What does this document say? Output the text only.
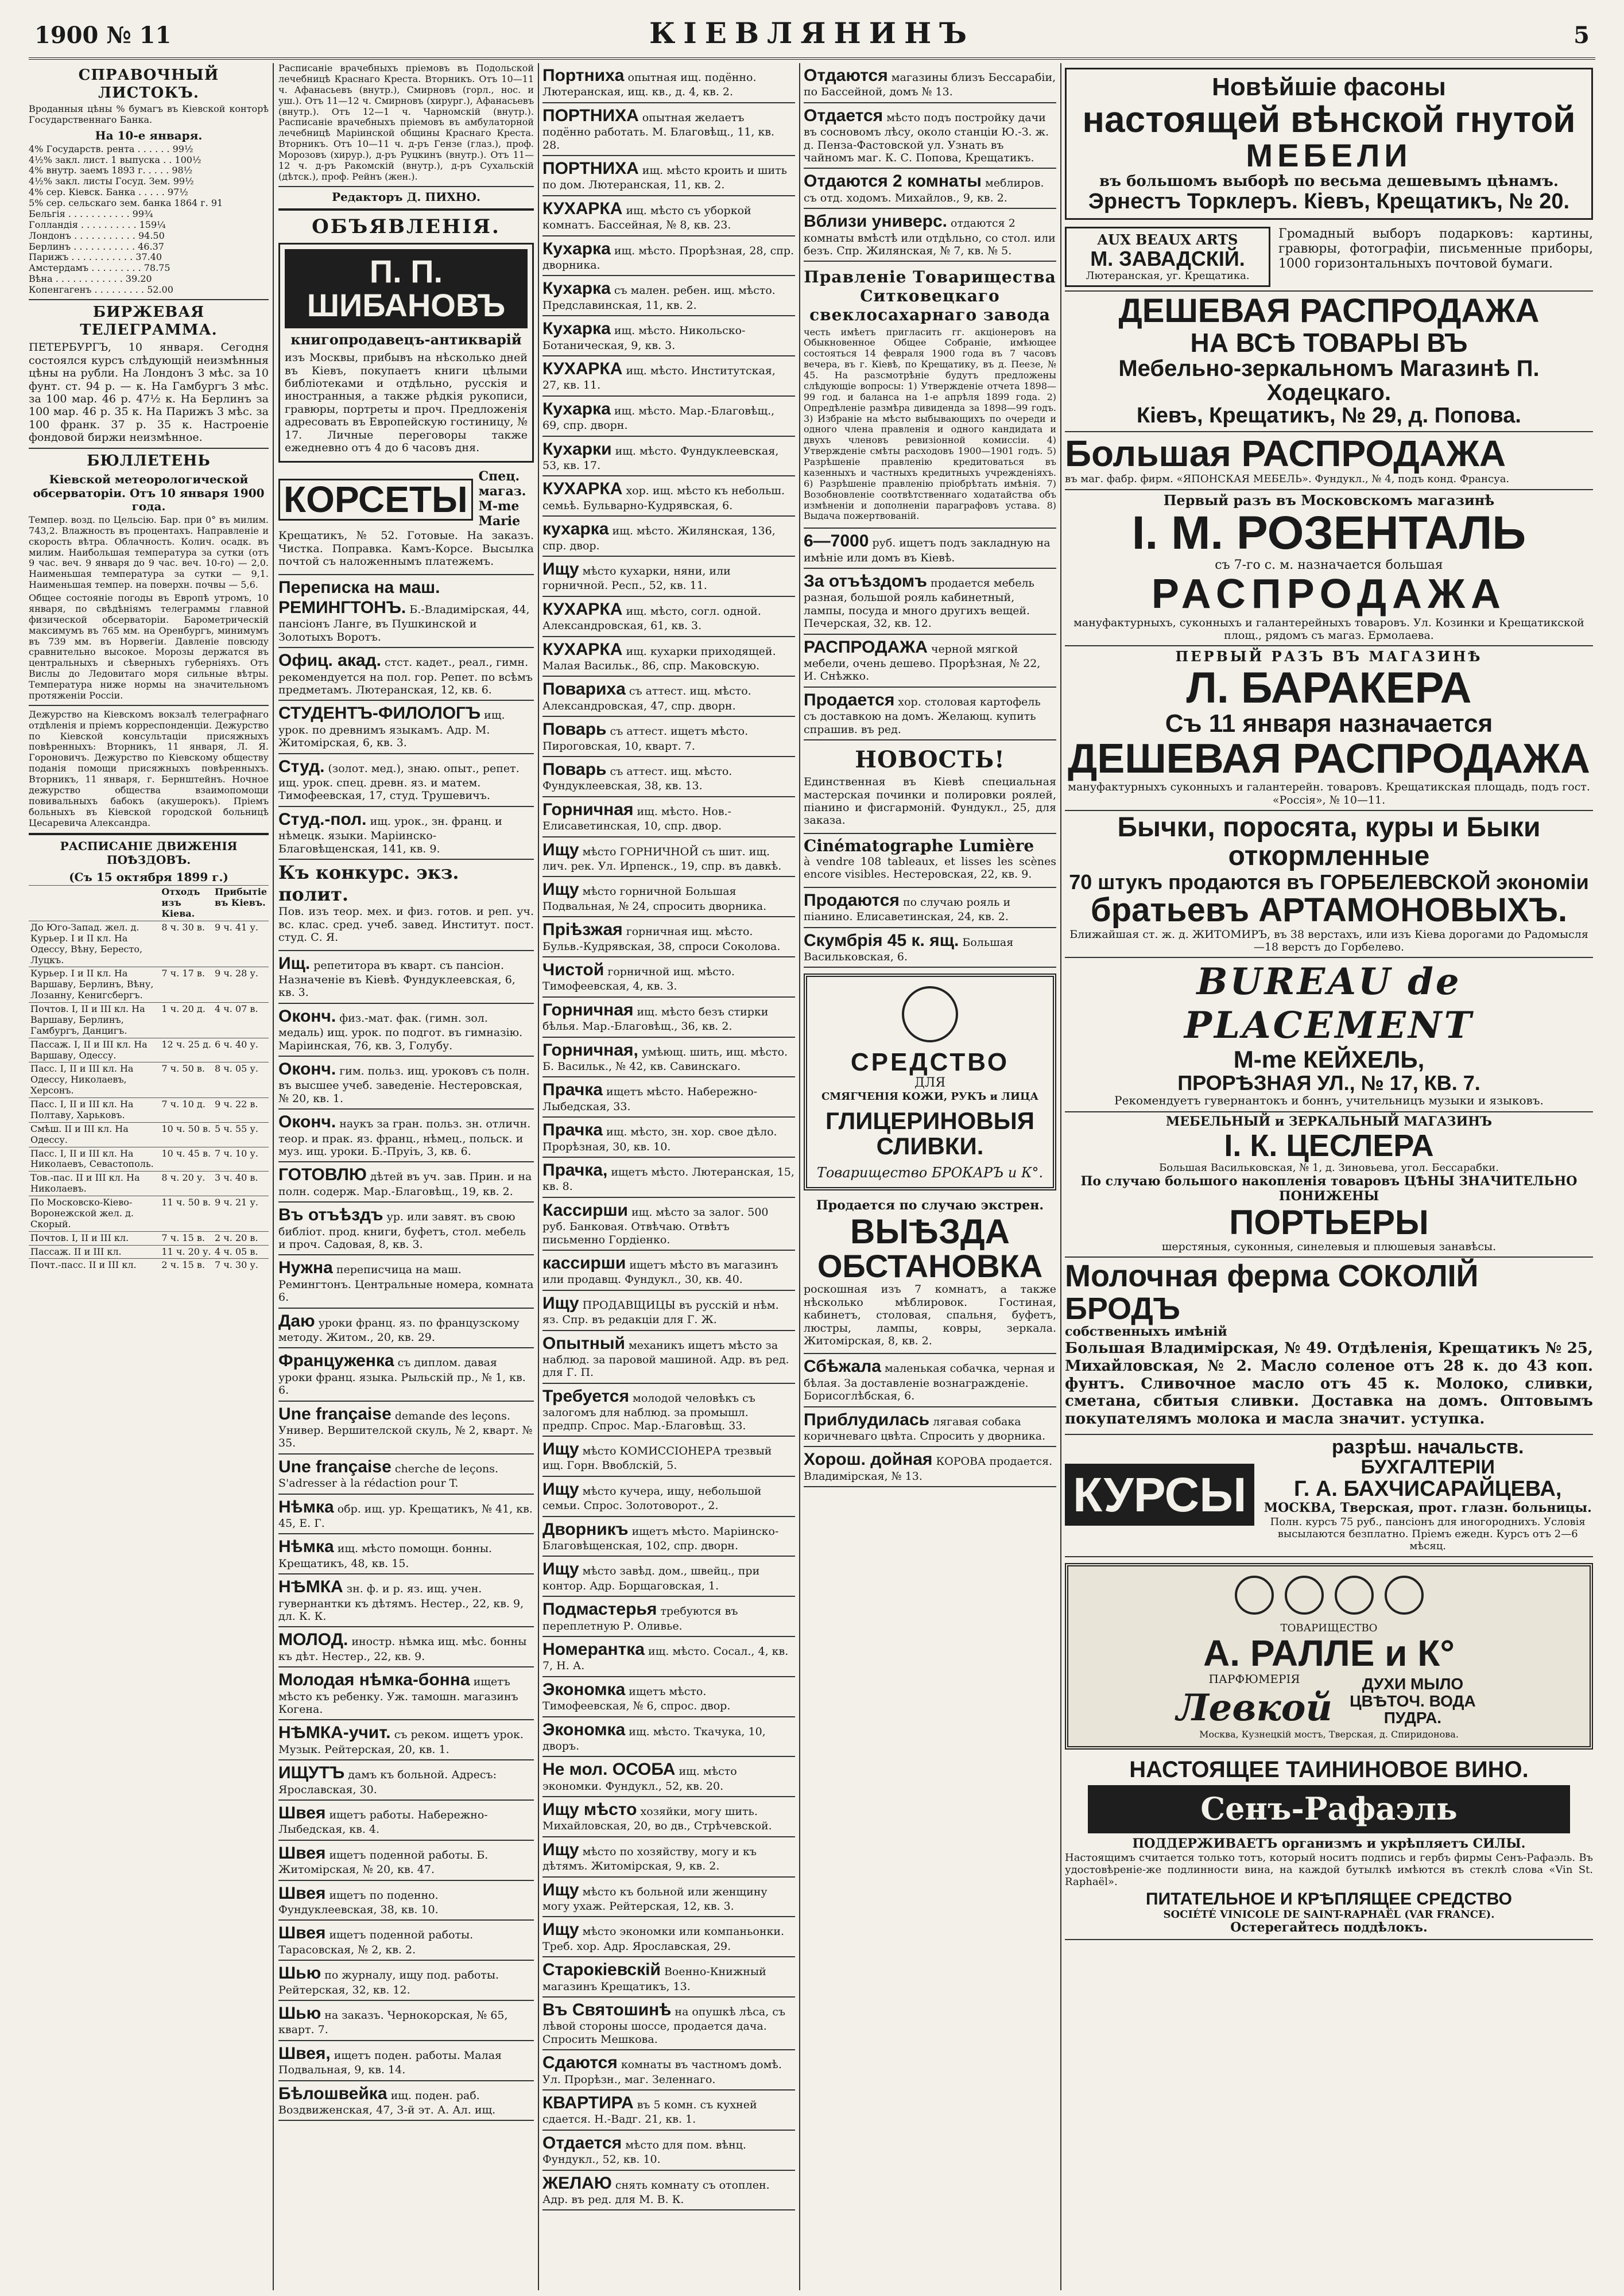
1900 № 11	КІЕВЛЯНИНЪ	5
СПРАВОЧНЫЙ ЛИСТОКЪ.

Вроданныя цѣны % бумагъ въ Кіевской конторѣ Государственнаго Банка.

На 10-е января.
4% Государств. рента . . . . . . 99½
4½% закл. лист. 1 выпуска . . 100½
4% внутр. заемъ 1893 г. . . . . 98½
4½% закл. листы Госуд. Зем. 99½
4% сер. Кіевск. Банка . . . . . 97½
5% сер. сельскаго зем. банка 1864 г. 91
Бельгія . . . . . . . . . . . 99¾
Голландія . . . . . . . . . . 159¼
Лондонъ . . . . . . . . . . . 94.50
Берлинъ . . . . . . . . . . . 46.37
Парижъ . . . . . . . . . . . 37.40
Амстердамъ . . . . . . . . . 78.75
Вѣна . . . . . . . . . . . . 39.20
Копенгагенъ . . . . . . . . . 52.00
БИРЖЕВАЯ ТЕЛЕГРАММА.

ПЕТЕРБУРГЪ, 10 января. Сегодня состоялся курсъ слѣдующій неизмѣнныя цѣны на рубли. На Лондонъ 3 мѣс. за 10 фунт. ст. 94 р. — к. На Гамбургъ 3 мѣс. за 100 мар. 46 р. 47½ к. На Берлинъ за 100 мар. 46 р. 35 к. На Парижъ 3 мѣс. за 100 франк. 37 р. 35 к. Настроеніе фондовой биржи неизмѣнное.

БЮЛЛЕТЕНЬ
Кіевской метеорологической обсерваторіи. Отъ 10 января 1900 года.

Темпер. возд. по Цельсію. Бар. при 0° въ милим. 743,2. Влажность въ процентахъ. Направленіе и скорость вѣтра. Облачность. Колич. осадк. въ милим. Наибольшая температура за сутки (отъ 9 час. веч. 9 января до 9 час. веч. 10-го) — 2,0. Наименьшая температура за сутки — 9,1. Наименьшая темпер. на поверхн. почвы — 5,6.

Общее состояніе погоды въ Европѣ утромъ, 10 января, по свѣдѣніямъ телеграммы главной физической обсерваторіи. Барометрическій максимумъ въ 765 мм. на Оренбургъ, минимумъ въ 739 мм. въ Норвегіи. Давленіе повсюду сравнительно высокое. Морозы держатся въ центральныхъ и сѣверныхъ губерніяхъ. Отъ Вислы до Ледовитаго моря сильные вѣтры. Температура ниже нормы на значительномъ протяженіи Россіи.

Дежурство на Кіевскомъ вокзалѣ телеграфнаго отдѣленія и пріемъ корреспонденціи. Дежурство по Кіевской консультаціи присяжныхъ повѣренныхъ: Вторникъ, 11 января, Л. Я. Гороновичъ. Дежурство по Кіевскому обществу поданія помощи присяжныхъ повѣренныхъ. Вторникъ, 11 января, г. Бернштейнъ. Ночное дежурство общества взаимопомощи повивальныхъ бабокъ (акушерокъ). Пріемъ больныхъ въ Кіевской городской больницѣ Цесаревича Александра.

РАСПИСАНІЕ ДВИЖЕНІЯ ПОѢЗДОВЪ.
(Съ 15 октября 1899 г.)
	Отходъ изъ Кіева.	Прибытіе въ Кіевъ.
До Юго-Запад. жел. д. Курьер. I и II кл. На Одессу, Вѣну, Бересто, Луцкъ.	8 ч. 30 в.	9 ч. 41 у.
Курьер. I и II кл. На Варшаву, Берлинъ, Вѣну, Лозанну, Кенигсбергъ.	7 ч. 17 в.	9 ч. 28 у.
Почтов. I, II и III кл. На Варшаву, Берлинъ, Гамбургъ, Данцигъ.	1 ч. 20 д.	4 ч. 07 в.
Пассаж. I, II и III кл. На Варшаву, Одессу.	12 ч. 25 д.	6 ч. 40 у.
Пасс. I, II и III кл. На Одессу, Николаевъ, Херсонъ.	7 ч. 50 в.	8 ч. 05 у.
Пасс. I, II и III кл. На Полтаву, Харьковъ.	7 ч. 10 д.	9 ч. 22 в.
Смѣш. II и III кл. На Одессу.	10 ч. 50 в.	5 ч. 55 у.
Пасс. I, II и III кл. На Николаевъ, Севастополь.	10 ч. 45 в.	7 ч. 10 у.
Тов.-пас. II и III кл. На Николаевъ.	8 ч. 20 у.	3 ч. 40 в.
По Московско-Кіево-Воронежской жел. д. Скорый.	11 ч. 50 в.	9 ч. 21 у.
Почтов. I, II и III кл.	7 ч. 15 в.	2 ч. 20 в.
Пассаж. II и III кл.	11 ч. 20 у.	4 ч. 05 в.
Почт.-пасс. II и III кл.	2 ч. 15 в.	7 ч. 30 у.

Расписаніе врачебныхъ пріемовъ въ Подольской лечебницѣ Краснаго Креста. Вторникъ. Отъ 10—11 ч. Афанасьевъ (внутр.), Смирновъ (горл., нос. и уш.). Отъ 11—12 ч. Смирновъ (хирург.), Афанасьевъ (внутр.). Отъ 12—1 ч. Чарномскій (внутр.). Расписаніе врачебныхъ пріемовъ въ амбулаторной лечебницѣ Маріинской общины Краснаго Креста. Вторникъ. Отъ 10—11 ч. д-ръ Гензе (глаз.), проф. Морозовъ (хирур.), д-ръ Руцкинъ (внутр.). Отъ 11—12 ч. д-ръ Ракомскій (внутр.), д-ръ Сухальскій (дѣтск.), проф. Рейнъ (жен.).

Редакторъ Д. ПИХНО.
ОБЪЯВЛЕНІЯ.
П. П. ШИБАНОВЪ
книгопродавецъ-антикварій

изъ Москвы, прибывъ на нѣсколько дней въ Кіевъ, покупаетъ книги цѣлыми библіотеками и отдѣльно, русскія и иностранныя, а также рѣдкія рукописи, гравюры, портреты и проч. Предложенія адресовать въ Европейскую гостиницу, № 17. Личные переговоры также ежедневно отъ 4 до 6 часовъ дня.

КОРСЕТЫ
Спец. магаз. M-me Marie

Крещатикъ, № 52. Готовые. На заказъ. Чистка. Поправка. Камъ-Корсе. Высылка почтой съ наложеннымъ платежемъ.

Переписка на маш. РЕМИНГТОНЪ. Б.-Владимірская, 44, пансіонъ Ланге, въ Пушкинской и Золотыхъ Воротъ.
Офиц. акад. стст. кадет., реал., гимн. рекомендуется на пол. гор. Репет. по всѣмъ предметамъ. Лютеранская, 12, кв. 6.
СТУДЕНТЪ-ФИЛОЛОГЪ ищ. урок. по древнимъ языкамъ. Адр. М. Житомірская, 6, кв. 3.
Студ. (золот. мед.), знаю. опыт., репет. ищ. урок. спец. древн. яз. и матем. Тимофеевская, 17, студ. Трушевичъ.
Студ.-пол. ищ. урок., зн. франц. и нѣмецк. языки. Маріинско-Благовѣщенская, 141, кв. 9.
Къ конкурс. экз. полит.

Пов. изъ теор. мех. и физ. готов. и реп. уч. вс. клас. сред. учеб. завед. Институт. пост. студ. С. Я.

Ищ. репетитора въ кварт. съ пансіон. Назначеніе въ Кіевѣ. Фундуклеевская, 6, кв. 3.
Оконч. физ.-мат. фак. (гимн. зол. медаль) ищ. урок. по подгот. въ гимназію. Маріинская, 76, кв. 3, Голубу.
Оконч. гим. польз. ищ. уроковъ съ полн. въ высшее учеб. заведеніе. Нестеровская, № 20, кв. 1.
Оконч. наукъ за гран. польз. зн. отличн. теор. и прак. яз. франц., нѣмец., польск. и муз. ищ. уроки. Б.-Пруіъ, 3, кв. 6.
ГОТОВЛЮ дѣтей въ уч. зав. Прин. и на полн. содерж. Мар.-Благовѣщ., 19, кв. 2.
Въ отъѣздъ ур. или завят. въ свою библіот. прод. книги, буфетъ, стол. мебель и проч. Садовая, 8, кв. 3.
Нужна переписчица на маш. Ремингтонъ. Центральные номера, комната 6.
Даю уроки франц. яз. по французскому методу. Житом., 20, кв. 29.
Француженка съ диплом. давая уроки франц. языка. Рыльскій пр., № 1, кв. 6.
Une française demande des leçons. Универ. Вершителской скуль, № 2, кварт. № 35.
Une française cherche de leçons. S'adresser à la rédaction pour T.
Нѣмка обр. ищ. ур. Крещатикъ, № 41, кв. 45, Е. Г.
Нѣмка ищ. мѣсто помощн. бонны. Крещатикъ, 48, кв. 15.
НѢМКА зн. ф. и р. яз. ищ. учен. гувернантки къ дѣтямъ. Нестер., 22, кв. 9, дл. К. К.
МОЛОД. иностр. нѣмка ищ. мѣс. бонны къ дѣт. Нестер., 22, кв. 9.
Молодая нѣмка-бонна ищетъ мѣсто къ ребенку. Уж. тамошн. магазинъ Когена.
НѢМКА-учит. съ реком. ищетъ урок. Музык. Рейтерская, 20, кв. 1.
ИЩУТЪ дамъ къ больной. Адресъ: Ярославская, 30.
Швея ищетъ работы. Набережно-Лыбедская, кв. 4.
Швея ищетъ поденной работы. Б. Житомірская, № 20, кв. 47.
Швея ищетъ по поденно. Фундуклеевская, 38, кв. 10.
Швея ищетъ поденной работы. Тарасовская, № 2, кв. 2.
Шью по журналу, ищу под. работы. Рейтерская, 32, кв. 12.
Шью на заказъ. Чернокорская, № 65, кварт. 7.
Швея, ищетъ поден. работы. Малая Подвальная, 9, кв. 14.
Бѣлошвейка ищ. поден. раб. Воздвиженская, 47, 3-й эт. А. Ал. ищ.
Портниха опытная ищ. подённо. Лютеранская, ищ. кв., д. 4, кв. 2.
ПОРТНИХА опытная желаетъ подённо работать. М. Благовѣщ., 11, кв. 28.
ПОРТНИХА ищ. мѣсто кроить и шить по дом. Лютеранская, 11, кв. 2.
КУХАРКА ищ. мѣсто съ уборкой комнатъ. Бассейная, № 8, кв. 23.
Кухарка ищ. мѣсто. Прорѣзная, 28, спр. дворника.
Кухарка съ мален. ребен. ищ. мѣсто. Предславинская, 11, кв. 2.
Кухарка ищ. мѣсто. Никольско-Ботаническая, 9, кв. 3.
КУХАРКА ищ. мѣсто. Институтская, 27, кв. 11.
Кухарка ищ. мѣсто. Мар.-Благовѣщ., 69, спр. дворн.
Кухарки ищ. мѣсто. Фундуклеевская, 53, кв. 17.
КУХАРКА хор. ищ. мѣсто къ небольш. семьѣ. Бульварно-Кудрявская, 6.
кухарка ищ. мѣсто. Жилянская, 136, спр. двор.
Ищу мѣсто кухарки, няни, или горничной. Респ., 52, кв. 11.
КУХАРКА ищ. мѣсто, согл. одной. Александровская, 61, кв. 3.
КУХАРКА ищ. кухарки приходящей. Малая Васильк., 86, спр. Маковскую.
Повариха съ аттест. ищ. мѣсто. Александровская, 47, спр. дворн.
Поварь съ аттест. ищетъ мѣсто. Пироговская, 10, кварт. 7.
Поварь съ аттест. ищ. мѣсто. Фундуклеевская, 38, кв. 13.
Горничная ищ. мѣсто. Нов.-Елисаветинская, 10, спр. двор.
Ищу мѣсто ГОРНИЧНОЙ съ шит. ищ. лич. рек. Ул. Ирпенск., 19, спр. въ давкѣ.
Ищу мѣсто горничной Большая Подвальная, № 24, спросить дворника.
Пріѣзжая горничная ищ. мѣсто. Бульв.-Кудрявская, 38, спроси Соколова.
Чистой горничной ищ. мѣсто. Тимофеевская, 4, кв. 3.
Горничная ищ. мѣсто безъ стирки бѣлья. Мар.-Благовѣщ., 36, кв. 2.
Горничная, умѣющ. шить, ищ. мѣсто. Б. Васильк., № 42, кв. Савинскаго.
Прачка ищетъ мѣсто. Набережно-Лыбедская, 33.
Прачка ищ. мѣсто, зн. хор. свое дѣло. Прорѣзная, 30, кв. 10.
Прачка, ищетъ мѣсто. Лютеранская, 15, кв. 8.
Кассирши ищ. мѣсто за залог. 500 руб. Банковая. Отвѣчаю. Отвѣтъ письменно Гордіенко.
кассирши ищетъ мѣсто въ магазинъ или продавщ. Фундукл., 30, кв. 40.
Ищу ПРОДАВЩИЦЫ въ русскій и нѣм. яз. Спр. въ редакціи для Г. Ж.
Опытный механикъ ищетъ мѣсто за наблюд. за паровой машиной. Адр. въ ред. для Г. П.
Требуется молодой человѣкъ съ залогомъ для наблюд. за промышл. предпр. Спрос. Мар.-Благовѣщ. 33.
Ищу мѣсто КОМИССІОНЕРА трезвый ищ. Горн. Ввоблскій, 5.
Ищу мѣсто кучера, ищу, небольшой семьи. Спрос. Золотоворот., 2.
Дворникъ ищетъ мѣсто. Маріинско-Благовѣщенская, 102, спр. дворн.
Ищу мѣсто завѣд. дом., швейц., при контор. Адр. Борщаговская, 1.
Подмастерья требуются въ переплетную Р. Оливье.
Номерантка ищ. мѣсто. Сосал., 4, кв. 7, Н. А.
Экономка ищетъ мѣсто. Тимофеевская, № 6, спрос. двор.
Экономка ищ. мѣсто. Ткачука, 10, дворъ.
Не мол. ОСОБА ищ. мѣсто экономки. Фундукл., 52, кв. 20.
Ищу мѣсто хозяйки, могу шить. Михайловская, 20, во дв., Стрѣчевской.
Ищу мѣсто по хозяйству, могу и къ дѣтямъ. Житомірская, 9, кв. 2.
Ищу мѣсто къ больной или женщину могу ухаж. Рейтерская, 12, кв. 3.
Ищу мѣсто экономки или компаньонки. Треб. хор. Адр. Ярославская, 29.
Старокіевскій Военно-Книжный магазинъ Крещатикъ, 13.
Въ Святошинѣ на опушкѣ лѣса, съ лѣвой стороны шоссе, продается дача. Спросить Мешкова.
Сдаются комнаты въ частномъ домѣ. Ул. Прорѣзн., маг. Зеленнаго.
КВАРТИРА въ 5 комн. съ кухней сдается. Н.-Вадг. 21, кв. 1.
Отдается мѣсто для пом. вѣнц. Фундукл., 52, кв. 10.
ЖЕЛАЮ снять комнату съ отоплен. Адр. въ ред. для М. В. К.
Отдаются магазины близъ Бессарабіи, по Бассейной, домъ № 13.
Отдается мѣсто подъ постройку дачи въ сосновомъ лѣсу, около станціи Ю.-З. ж. д. Пенза-Фастовской ул. Узнать въ чайномъ маг. К. С. Попова, Крещатикъ.
Отдаются 2 комнаты меблиров. съ отд. ходомъ. Михайлов., 9, кв. 2.
Вблизи универс. отдаются 2 комнаты вмѣстѣ или отдѣльно, со стол. или безъ. Спр. Жилянская, № 7, кв. № 5.
Правленіе Товарищества Ситковецкаго свеклосахарнаго завода

честь имѣетъ пригласить гг. акціонеровъ на Обыкновенное Общее Собраніе, имѣющее состояться 14 февраля 1900 года въ 7 часовъ вечера, въ г. Кіевѣ, по Крещатику, въ д. Пеезе, № 45. На разсмотрѣніе будутъ предложены слѣдующіе вопросы: 1) Утвержденіе отчета 1898—99 год. и баланса на 1-е апрѣля 1899 года. 2) Опредѣленіе размѣра дивиденда за 1898—99 годъ. 3) Избраніе на мѣсто выбывающихъ по очереди и одного члена правленія и одного кандидата и двухъ членовъ ревизіонной комиссіи. 4) Утвержденіе смѣты расходовъ 1900—1901 годъ. 5) Разрѣшеніе правленію кредитоваться въ казенныхъ и частныхъ кредитныхъ учрежденіяхъ. 6) Разрѣшеніе правленію пріобрѣтать имѣнія. 7) Возобновленіе соотвѣтственнаго ходатайства объ измѣненіи и дополненіи параграфовъ устава. 8) Выдача пожертвованій.

6—7000 руб. ищетъ подъ закладную на имѣніе или домъ въ Кіевѣ.
За отъѣздомъ продается мебель разная, большой рояль кабинетный, лампы, посуда и много другихъ вещей. Печерская, 32, кв. 12.
РАСПРОДАЖА черной мягкой мебели, очень дешево. Прорѣзная, № 22, И. Снѣжко.
Продается хор. столовая картофель съ доставкою на домъ. Желающ. купить спрашив. въ ред.
НОВОСТЬ!

Единственная въ Кіевѣ специальная мастерская починки и полировки роялей, пiанино и фисгармоній. Фундукл., 25, для заказа.

Cinématographe Lumière

à vendre 108 tableaux, et lisses les scènes encore visibles. Нестеровская, 22, кв. 9.

Продаются по случаю рояль и пiанино. Елисаветинская, 24, кв. 2.
Скумбрія 45 к. ящ. Большая Васильковская, 6.
СРЕДСТВО
ДЛЯ
СМЯГЧЕНІЯ КОЖИ, РУКЪ и ЛИЦА
ГЛИЦЕРИНОВЫЯ СЛИВКИ.
Товарищество БРОКАРЪ и К°.
Продается по случаю экстрен.
ВЫѢЗДА
ОБСТАНОВКА

роскошная изъ 7 комнатъ, а также нѣсколько мѣблировок. Гостиная, кабинетъ, столовая, спальня, буфетъ, люстры, лампы, ковры, зеркала. Житомірская, 8, кв. 2.

Сбѣжала маленькая собачка, черная и бѣлая. За доставленіе вознагражденіе. Борисоглѣбская, 6.
Приблудилась лягавая собака коричневаго цвѣта. Спросить у дворника.
Хорош. дойная КОРОВА продается. Владимірская, № 13.
Новѣйшіе фасоны
настоящей вѣнской гнутой
МЕБЕЛИ
въ большомъ выборѣ по весьма дешевымъ цѣнамъ.
Эрнестъ Торклеръ. Кіевъ, Крещатикъ, № 20.
AUX BEAUX ARTS
М. ЗАВАДСКІЙ.
Лютеранская, уг. Крещатика.

Громадный выборъ подарковъ: картины, гравюры, фотографіи, письменные приборы, 1000 горизонтальныхъ почтовой бумаги.

ДЕШЕВАЯ РАСПРОДАЖА
НА ВСѢ ТОВАРЫ ВЪ
Мебельно-зеркальномъ Магазинѣ П. Ходецкаго.
Кіевъ, Крещатикъ, № 29, д. Попова.
Большая РАСПРОДАЖА
въ маг. фабр. фирм. «ЯПОНСКАЯ МЕБЕЛЬ». Фундукл., № 4, подъ конд. Франсуа.
Первый разъ въ Московскомъ магазинѣ
I. М. РОЗЕНТАЛЬ
съ 7-го с. м. назначается большая
РАСПРОДАЖА
мануфактурныхъ, суконныхъ и галантерейныхъ товаровъ. Ул. Козинки и Крещатикской площ., рядомъ съ магаз. Ермолаева.
ПЕРВЫЙ РАЗЪ ВЪ МАГАЗИНѢ
Л. БАРАКЕРА
Съ 11 января назначается
ДЕШЕВАЯ РАСПРОДАЖА
мануфактурныхъ суконныхъ и галантерейн. товаровъ. Крещатикская площадь, подъ гост. «Россія», № 10—11.
Бычки, поросята, куры и Быки откормленные
70 штукъ продаются въ ГОРБЕЛЕВСКОЙ экономіи
братьевъ АРТАМОНОВЫХЪ.
Ближайшая ст. ж. д. ЖИТОМИРЪ, въ 38 верстахъ, или изъ Кіева дорогами до Радомысля—18 верстъ до Горбелево.
BUREAU de PLACEMENT
M-me КЕЙХЕЛЬ,
ПРОРѢЗНАЯ УЛ., № 17, КВ. 7.
Рекомендуетъ гувернантокъ и боннъ, учительницъ музыки и языковъ.
МЕБЕЛЬНЫЙ и ЗЕРКАЛЬНЫЙ МАГАЗИНЪ
I. К. ЦЕСЛЕРА
Большая Васильковская, № 1, д. Зиновьева, угол. Бессарабки.
По случаю большого накопленія товаровъ ЦѢНЫ ЗНАЧИТЕЛЬНО ПОНИЖЕНЫ
ПОРТЬЕРЫ
шерстяныя, суконныя, синелевыя и плюшевыя занавѣсы.
Молочная ферма СОКОЛІЙ БРОДЪ
собственныхъ имѣній

Большая Владимірская, № 49. Отдѣленія, Крещатикъ № 25, Михайловская, № 2. Масло соленое отъ 28 к. до 43 коп. фунтъ. Сливочное масло отъ 45 к. Молоко, сливки, сметана, сбитыя сливки. Доставка на домъ. Оптовымъ покупателямъ молока и масла значит. уступка.

КУРСЫ
разрѣш. начальств. БУХГАЛТЕРІИ
Г. А. БАХЧИСАРАЙЦЕВА,
МОСКВА, Тверская, прот. глазн. больницы.
Полн. курсъ 75 руб., пансіонъ для иногороднихъ. Условія высылаются безплатно. Пріемъ ежедн. Курсъ отъ 2—6 мѣсяц.

ТОВАРИЩЕСТВО
А. РАЛЛЕ и К°
ПАРФЮМЕРІЯ
Левкой
ДУХИ МЫЛО ЦВѢТОЧ. ВОДА ПУДРА.
Москва, Кузнецкій мостъ, Тверская, д. Спиридонова.
НАСТОЯЩЕЕ ТАИНИНОВОЕ ВИНО.
Сенъ-Рафаэль
ПОДДЕРЖИВАЕТЪ организмъ и укрѣпляетъ СИЛЫ.

Настоящимъ считается только тотъ, который носитъ подпись и гербъ фирмы Сенъ-Рафаэль. Въ удостовѣреніе-же подлинности вина, на каждой бутылкѣ имѣются въ стеклѣ слова «Vin St. Raphaël».

ПИТАТЕЛЬНОЕ И КРѢПЛЯЩЕЕ СРЕДСТВО
SOCIÉTÉ VINICOLE DE SAINT-RAPHAËL (VAR FRANCE).
Остерегайтесь поддѣлокъ.
